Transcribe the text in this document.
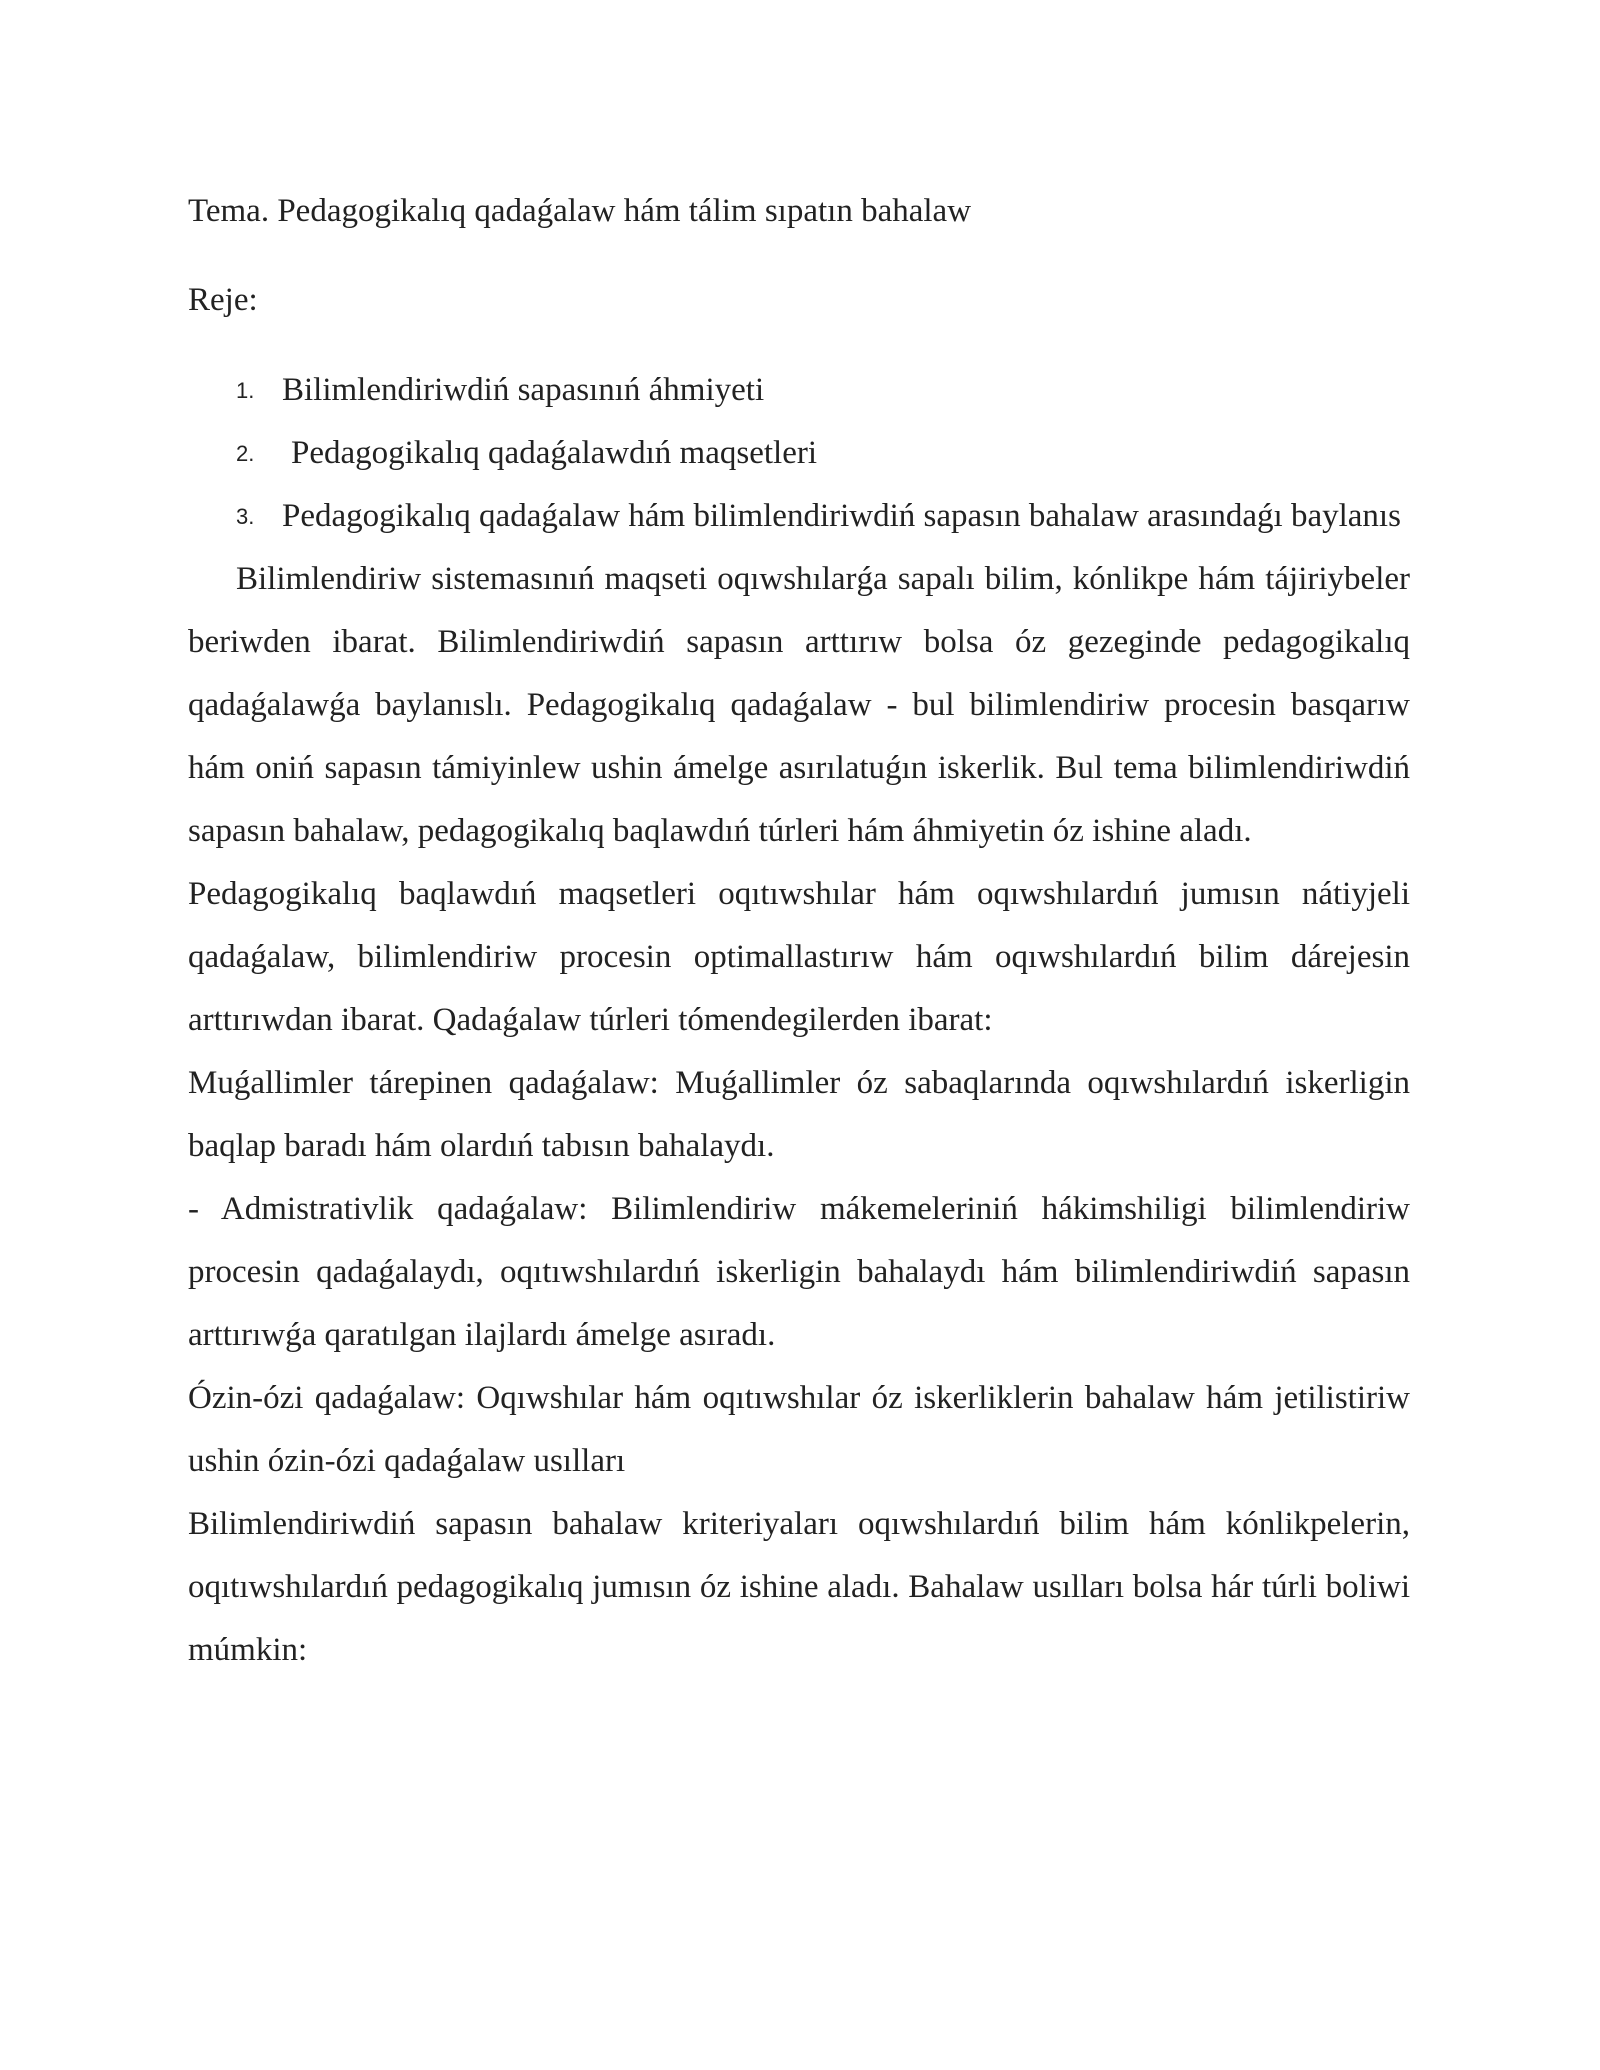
Tema. Pedagogikalıq qadaǵalaw hám tálim sıpatın bahalaw

Reje:

1. Bilimlendiriwdiń sapasınıń áhmiyeti
2. Pedagogikalıq qadaǵalawdıń maqsetleri
3. Pedagogikalıq qadaǵalaw hám bilimlendiriwdiń sapasın bahalaw arasındaǵı baylanıs

Bilimlendiriw sistemasınıń maqseti oqıwshılarǵa sapalı bilim, kónlikpe hám tájiriybeler beriwden ibarat. Bilimlendiriwdiń sapasın arttırıw bolsa óz gezeginde pedagogikalıq qadaǵalawǵa baylanıslı. Pedagogikalıq qadaǵalaw - bul bilimlendiriw procesin basqarıw hám oniń sapasın támiyinlew ushin ámelge asırılatuǵın iskerlik. Bul tema bilimlendiriwdiń sapasın bahalaw, pedagogikalıq baqlawdıń túrleri hám áhmiyetin óz ishine aladı.

Pedagogikalıq baqlawdıń maqsetleri oqıtıwshılar hám oqıwshılardıń jumısın nátiyjeli qadaǵalaw, bilimlendiriw procesin optimallastırıw hám oqıwshılardıń bilim dárejesin arttırıwdan ibarat. Qadaǵalaw túrleri tómendegilerden ibarat:

Muǵallimler tárepinen qadaǵalaw: Muǵallimler óz sabaqlarında oqıwshılardıń iskerligin baqlap baradı hám olardıń tabısın bahalaydı.

- Admistrativlik qadaǵalaw: Bilimlendiriw mákemeleriniń hákimshiligi bilimlendiriw procesin qadaǵalaydı, oqıtıwshılardıń iskerligin bahalaydı hám bilimlendiriwdiń sapasın arttırıwǵa qaratılgan ilajlardı ámelge asıradı.

Ózin-ózi qadaǵalaw: Oqıwshılar hám oqıtıwshılar óz iskerliklerin bahalaw hám jetilistiriw ushin ózin-ózi qadaǵalaw usılları

Bilimlendiriwdiń sapasın bahalaw kriteriyaları oqıwshılardıń bilim hám kónlikpelerin, oqıtıwshılardıń pedagogikalıq jumısın óz ishine aladı. Bahalaw usılları bolsa hár túrli boliwi múmkin:
